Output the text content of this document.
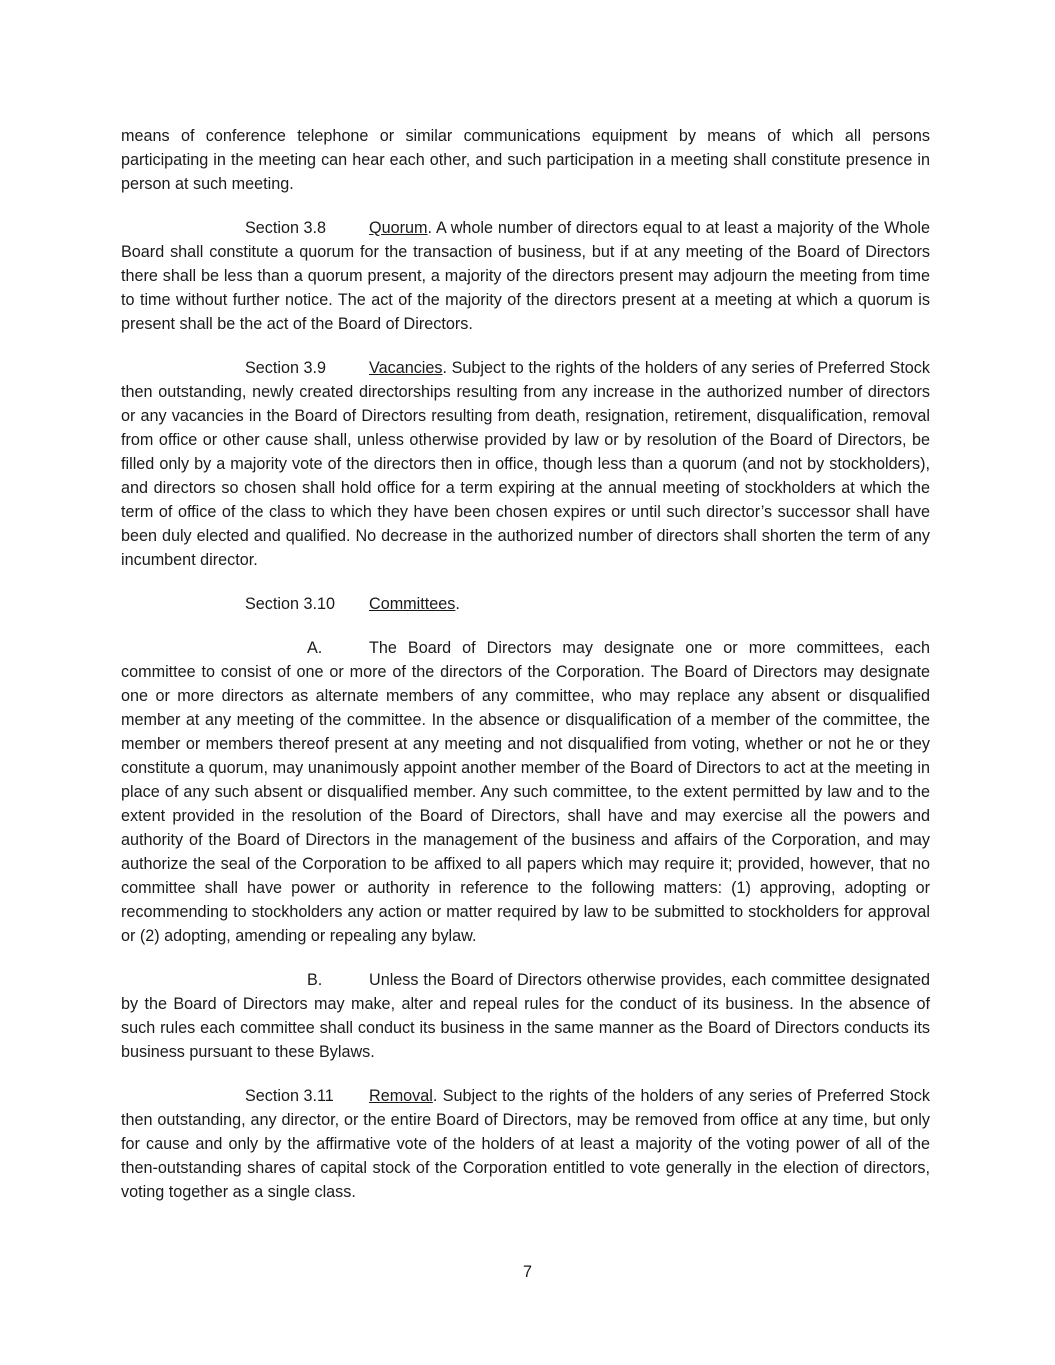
means of conference telephone or similar communications equipment by means of which all persons participating in the meeting can hear each other, and such participation in a meeting shall constitute presence in person at such meeting.

Section 3.8	Quorum. A whole number of directors equal to at least a majority of the Whole Board shall constitute a quorum for the transaction of business, but if at any meeting of the Board of Directors there shall be less than a quorum present, a majority of the directors present may adjourn the meeting from time to time without further notice. The act of the majority of the directors present at a meeting at which a quorum is present shall be the act of the Board of Directors.

Section 3.9	Vacancies. Subject to the rights of the holders of any series of Preferred Stock then outstanding, newly created directorships resulting from any increase in the authorized number of directors or any vacancies in the Board of Directors resulting from death, resignation, retirement, disqualification, removal from office or other cause shall, unless otherwise provided by law or by resolution of the Board of Directors, be filled only by a majority vote of the directors then in office, though less than a quorum (and not by stockholders), and directors so chosen shall hold office for a term expiring at the annual meeting of stockholders at which the term of office of the class to which they have been chosen expires or until such director’s successor shall have been duly elected and qualified. No decrease in the authorized number of directors shall shorten the term of any incumbent director.

Section 3.10 Committees.

A.	The Board of Directors may designate one or more committees, each committee to consist of one or more of the directors of the Corporation. The Board of Directors may designate one or more directors as alternate members of any committee, who may replace any absent or disqualified member at any meeting of the committee. In the absence or disqualification of a member of the committee, the member or members thereof present at any meeting and not disqualified from voting, whether or not he or they constitute a quorum, may unanimously appoint another member of the Board of Directors to act at the meeting in place of any such absent or disqualified member. Any such committee, to the extent permitted by law and to the extent provided in the resolution of the Board of Directors, shall have and may exercise all the powers and authority of the Board of Directors in the management of the business and affairs of the Corporation, and may authorize the seal of the Corporation to be affixed to all papers which may require it; provided, however, that no committee shall have power or authority in reference to the following matters: (1) approving, adopting or recommending to stockholders any action or matter required by law to be submitted to stockholders for approval or (2) adopting, amending or repealing any bylaw.

B.	Unless the Board of Directors otherwise provides, each committee designated by the Board of Directors may make, alter and repeal rules for the conduct of its business. In the absence of such rules each committee shall conduct its business in the same manner as the Board of Directors conducts its business pursuant to these Bylaws.

Section 3.11 Removal. Subject to the rights of the holders of any series of Preferred Stock then outstanding, any director, or the entire Board of Directors, may be removed from office at any time, but only for cause and only by the affirmative vote of the holders of at least a majority of the voting power of all of the then-outstanding shares of capital stock of the Corporation entitled to vote generally in the election of directors, voting together as a single class.

7
